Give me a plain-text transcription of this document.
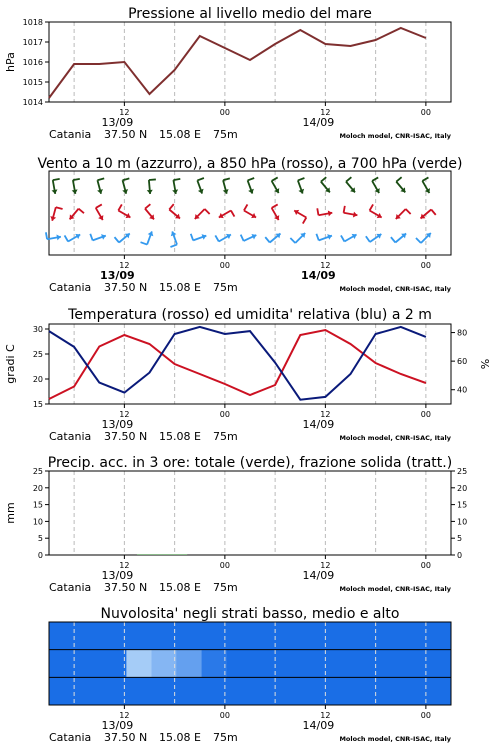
Pressione al livello medio del mare
1014
1015
1016
1017
1018
hPa
12	00	12	00
13/09	14/09
Catania 37.50 N 15.08 E 75m	Moloch model, CNR-ISAC, Italy
Vento a 10 m (azzurro), a 850 hPa (rosso), a 700 hPa (verde)
12	00	12	00
13/09	14/09
Catania 37.50 N 15.08 E 75m	Moloch model, CNR-ISAC, Italy
Temperatura (rosso) ed umidita' relativa (blu) a 2 m
15
20
25
30
40
60
80
gradi C	%
12	00	12	00
13/09	14/09
Catania 37.50 N 15.08 E 75m	Moloch model, CNR-ISAC, Italy
Precip. acc. in 3 ore: totale (verde), frazione solida (tratt.)
0
5
10
15
20
25
0
5
10
15
20
25
mm
12	00	12	00
13/09	14/09
Catania 37.50 N 15.08 E 75m	Moloch model, CNR-ISAC, Italy
Nuvolosita' negli strati basso, medio e alto
12	00	12	00
13/09	14/09
Catania 37.50 N 15.08 E 75m	Moloch model, CNR-ISAC, Italy
